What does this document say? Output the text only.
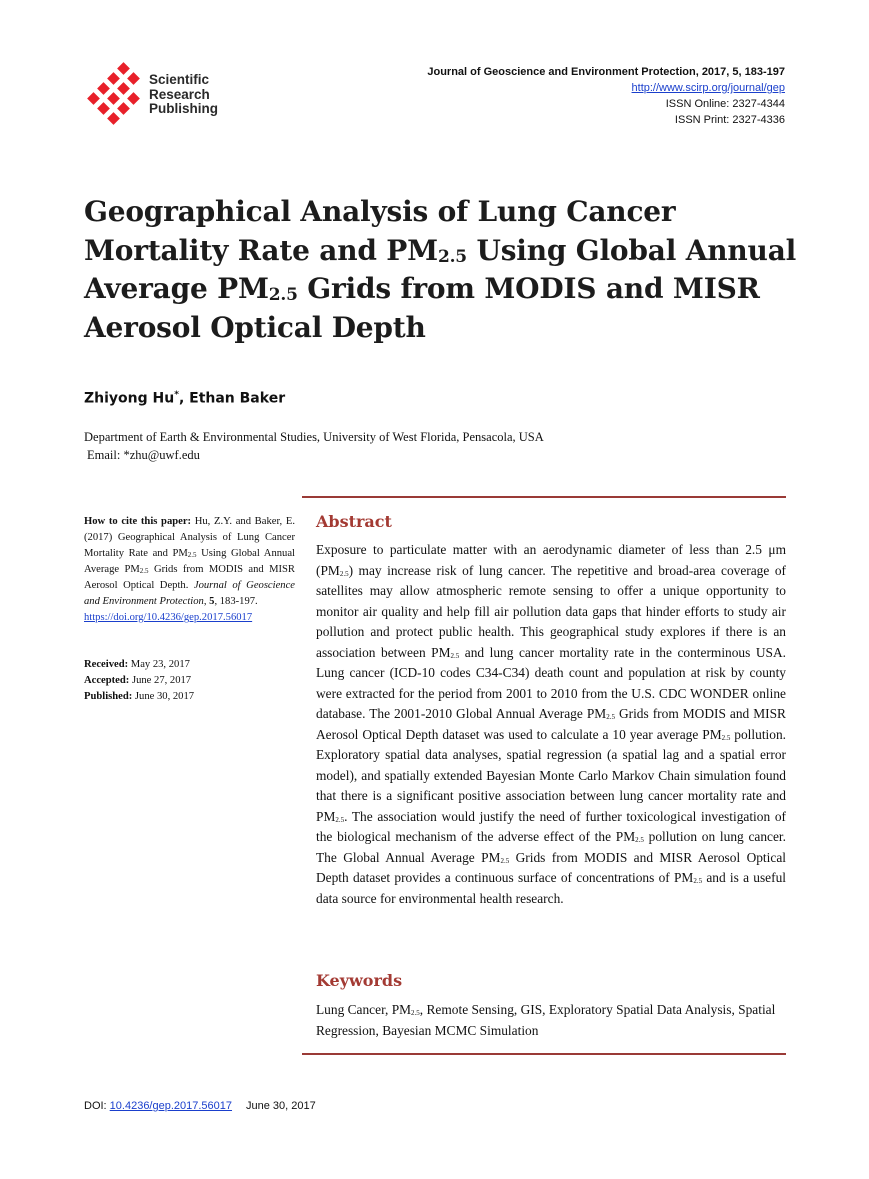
Scientific
Research
Publishing
Journal of Geoscience and Environment Protection, 2017, 5, 183-197
http://www.scirp.org/journal/gep
ISSN Online: 2327-4344
ISSN Print: 2327-4336
Geographical Analysis of Lung Cancer Mortality Rate and $PM_{2.5}$ Using Global Annual Average $PM_{2.5}$ Grids from MODIS and MISR Aerosol Optical Depth
Zhiyong Hu*, Ethan Baker
Department of Earth & Environmental Studies, University of West Florida, Pensacola, USA
Email: *zhu@uwf.edu
How to cite this paper: Hu, Z.Y. and Baker, E. (2017) Geographical Analysis of Lung Cancer Mortality Rate and $PM_{2.5}$ Using Global Annual Average $PM_{2.5}$ Grids from MODIS and MISR Aerosol Optical Depth. Journal of Geoscience and Environment Protection, 5, 183-197.
https://doi.org/10.4236/gep.2017.56017
Received: May 23, 2017
Accepted: June 27, 2017
Published: June 30, 2017
Abstract
Exposure to particulate matter with an aerodynamic diameter of less than 2.5 μm $(PM_{2.5})$ may increase risk of lung cancer. The repetitive and broad-area coverage of satellites may allow atmospheric remote sensing to offer a unique opportunity to monitor air quality and help fill air pollution data gaps that hinder efforts to study air pollution and protect public health. This geographical study explores if there is an association between $PM_{2.5}$ and lung cancer mortality rate in the conterminous USA. Lung cancer (ICD-10 codes C34-C34) death count and population at risk by county were extracted for the period from 2001 to 2010 from the U.S. CDC WONDER online database. The 2001-2010 Global Annual Average $PM_{2.5}$ Grids from MODIS and MISR Aerosol Optical Depth dataset was used to calculate a 10 year average $PM_{2.5}$ pollution. Exploratory spatial data analyses, spatial regression (a spatial lag and a spatial error model), and spatially extended Bayesian Monte Carlo Markov Chain simulation found that there is a significant positive association between lung cancer mortality rate and $PM_{2.5}$. The association would justify the need of further toxicological investigation of the biological mechanism of the adverse effect of the $PM_{2.5}$ pollution on lung cancer. The Global Annual Average $PM_{2.5}$ Grids from MODIS and MISR Aerosol Optical Depth dataset provides a continuous surface of concentrations of $PM_{2.5}$ and is a useful data source for environmental health research.
Keywords
Lung Cancer, $PM_{2.5}$, Remote Sensing, GIS, Exploratory Spatial Data Analysis, Spatial Regression, Bayesian MCMC Simulation
DOI: 10.4236/gep.2017.56017 June 30, 2017
